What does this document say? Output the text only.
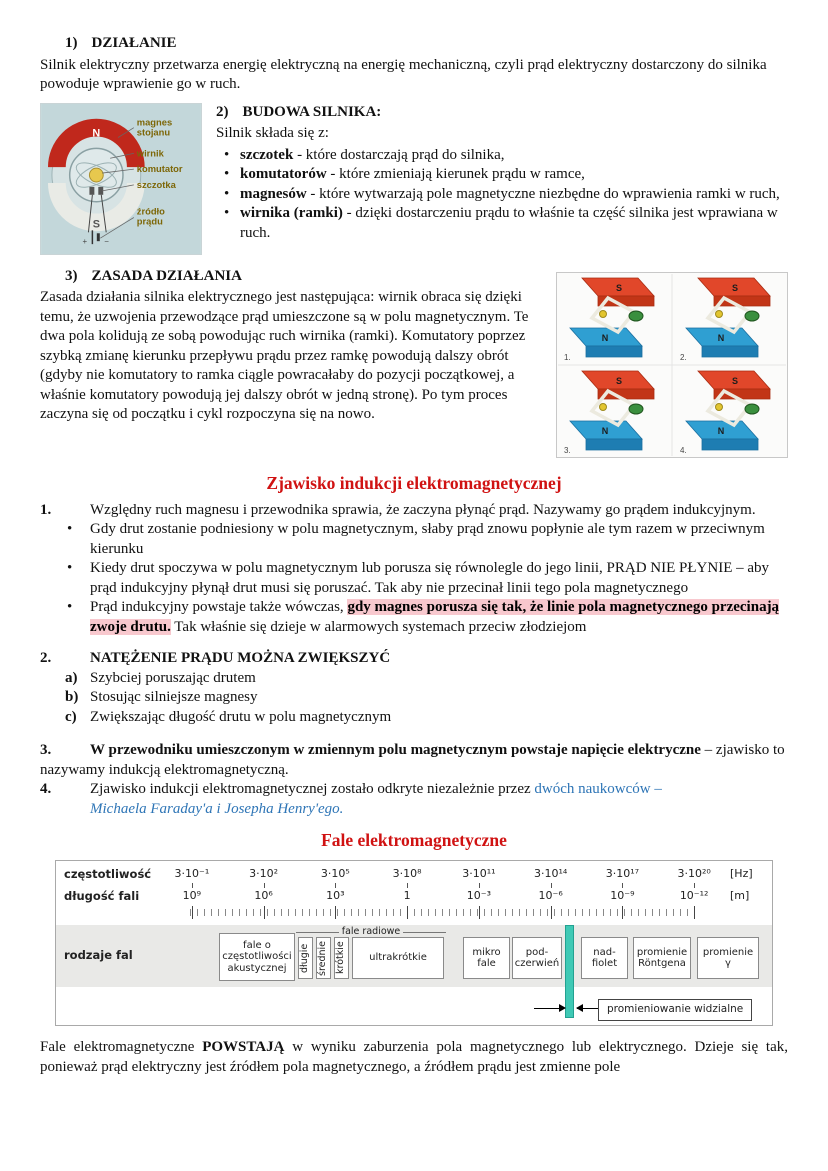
1) DZIAŁANIE

Silnik elektryczny przetwarza energię elektryczną na energię mechaniczną, czyli prąd elektryczny dostarczony do silnika powoduje wprawienie go w ruch.

N
S
+ −
magnes
stojanu
wirnik
komutator
szczotka
źródło
prądu
2) BUDOWA SILNIKA:

Silnik składa się z:

• szczotek - które dostarczają prąd do silnika,
• komutatorów - które zmieniają kierunek prądu w ramce,
• magnesów - które wytwarzają pole magnetyczne niezbędne do wprawienia ramki w ruch,
• wirnika (ramki) - dzięki dostarczeniu prądu to właśnie ta część silnika jest wprawiana w ruch.
3) ZASADA DZIAŁANIA
S
N
1.
S
N
2.
S
N
3.
S
N
4.

Zasada działania silnika elektrycznego jest następująca: wirnik obraca się dzięki temu, że uzwojenia przewodzące prąd umieszczone są w polu magnetycznym. Te dwa pola kolidują ze sobą powodując ruch wirnika (ramki). Komutatory poprzez szybką zmianę kierunku przepływu prądu przez ramkę powodują dalszy obrót (gdyby nie komutatory to ramka ciągle powracałaby do pozycji początkowej, a właśnie komutatory powodują jej dalszy obrót w jedną stronę). Po tym proces zaczyna się od początku i cykl rozpoczyna się na nowo.

Zjawisko indukcji elektromagnetycznej
1.	Względny ruch magnesu i przewodnika sprawia, że zaczyna płynąć prąd. Nazywamy go prądem indukcyjnym.
• Gdy drut zostanie podniesiony w polu magnetycznym, słaby prąd znowu popłynie ale tym razem w przeciwnym kierunku
• Kiedy drut spoczywa w polu magnetycznym lub porusza się równolegle do jego linii, PRĄD NIE PŁYNIE – aby prąd indukcyjny płynął drut musi się poruszać. Tak aby nie przecinał linii tego pola magnetycznego
• Prąd indukcyjny powstaje także wówczas, gdy magnes porusza się tak, że linie pola magnetycznego przecinają zwoje drutu. Tak właśnie się dzieje w alarmowych systemach przeciw złodziejom
2.	NATĘŻENIE PRĄDU MOŻNA ZWIĘKSZYĆ
a) Szybciej poruszając drutem
b) Stosując silniejsze magnesy
c) Zwiększając długość drutu w polu magnetycznym

3.	W przewodniku umieszczonym w zmiennym polu magnetycznym powstaje napięcie elektryczne – zjawisko to nazywamy indukcją elektromagnetyczną.

4.	Zjawisko indukcji elektromagnetycznej zostało odkryte niezależnie przez dwóch naukowców –
Michaela Faraday'a i Josepha Henry'ego.
Fale elektromagnetyczne
częstotliwość	3·10⁻¹	3·10²	3·10⁵	3·10⁸	3·10¹¹	3·10¹⁴	3·10¹⁷	3·10²⁰	[Hz]
długość fali	10⁹	10⁶	10³	1	10⁻³	10⁻⁶	10⁻⁹	10⁻¹²	[m]
rodzaje fal
fale radiowe
fale o częstotliwości akustycznej	długie średnie krótkie	ultrakrótkie
mikro fale
pod- czerwień
nad- fiolet
promienie Röntgena
promienie γ
promieniowanie widzialne

Fale elektromagnetyczne POWSTAJĄ w wyniku zaburzenia pola magnetycznego lub elektrycznego. Dzieje się tak, ponieważ prąd elektryczny jest źródłem pola magnetycznego, a źródłem prądu jest zmienne pole
